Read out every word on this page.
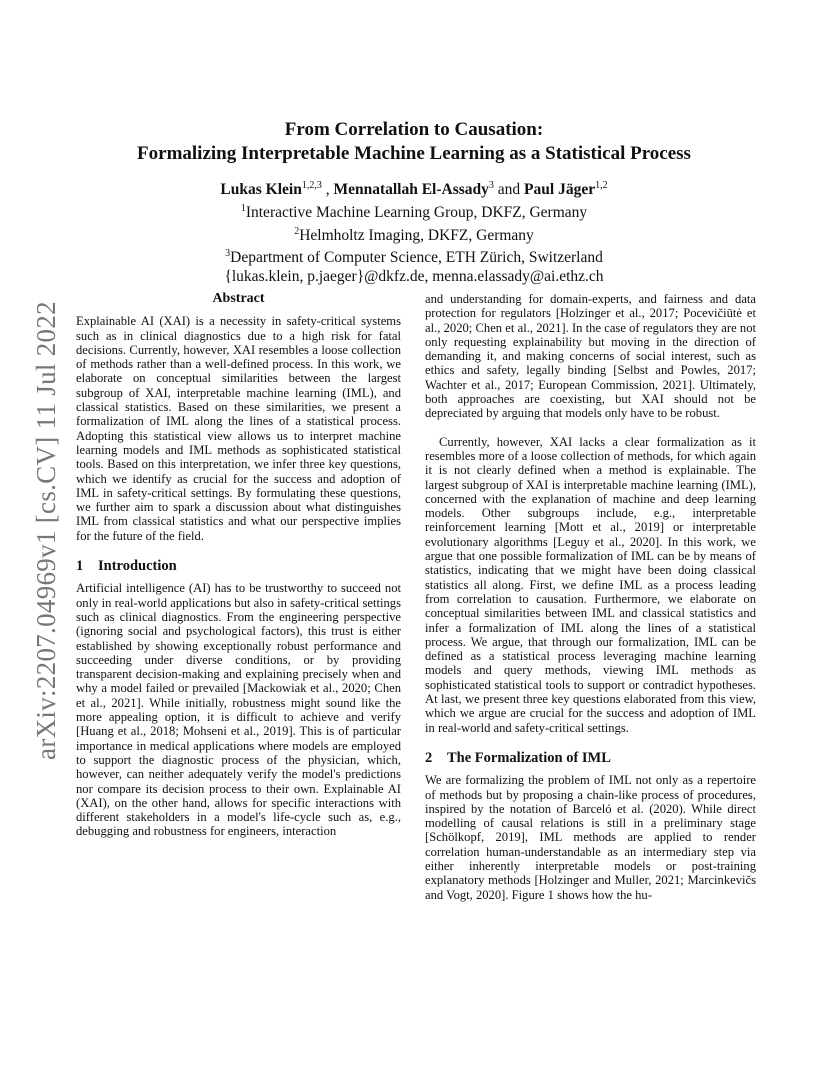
arXiv:2207.04969v1 [cs.CV] 11 Jul 2022
From Correlation to Causation:
Formalizing Interpretable Machine Learning as a Statistical Process
Lukas Klein$^{1,2,3}$ , Mennatallah El-Assady$^3$ and Paul Jäger$^{1,2}$
$^1$Interactive Machine Learning Group, DKFZ, Germany
$^2$Helmholtz Imaging, DKFZ, Germany
$^3$Department of Computer Science, ETH Zürich, Switzerland
{lukas.klein, p.jaeger}@dkfz.de, menna.elassady@ai.ethz.ch
Abstract

Explainable AI (XAI) is a necessity in safety-critical systems such as in clinical diagnostics due to a high risk for fatal decisions. Currently, however, XAI resembles a loose collection of methods rather than a well-defined process. In this work, we elaborate on conceptual similarities between the largest subgroup of XAI, interpretable machine learning (IML), and classical statistics. Based on these similarities, we present a formalization of IML along the lines of a statistical process. Adopting this statistical view allows us to interpret machine learning models and IML methods as sophisticated statistical tools. Based on this interpretation, we infer three key questions, which we identify as crucial for the success and adoption of IML in safety-critical settings. By formulating these questions, we further aim to spark a discussion about what distinguishes IML from classical statistics and what our perspective implies for the future of the field.

1 Introduction

Artificial intelligence (AI) has to be trustworthy to succeed not only in real-world applications but also in safety-critical settings such as clinical diagnostics. From the engineering perspective (ignoring social and psychological factors), this trust is either established by showing exceptionally robust performance and succeeding under diverse conditions, or by providing transparent decision-making and explaining precisely when and why a model failed or prevailed [Mackowiak et al., 2020; Chen et al., 2021]. While initially, robustness might sound like the more appealing option, it is difficult to achieve and verify [Huang et al., 2018; Mohseni et al., 2019]. This is of particular importance in medical applications where models are employed to support the diagnostic process of the physician, which, however, can neither adequately verify the model's predictions nor compare its decision process to their own. Explainable AI (XAI), on the other hand, allows for specific interactions with different stakeholders in a model's life-cycle such as, e.g., debugging and robustness for engineers, interaction

and understanding for domain-experts, and fairness and data protection for regulators [Holzinger et al., 2017; Pocevičiūtė et al., 2020; Chen et al., 2021]. In the case of regulators they are not only requesting explainability but moving in the direction of demanding it, and making concerns of social interest, such as ethics and safety, legally binding [Selbst and Powles, 2017; Wachter et al., 2017; European Commission, 2021]. Ultimately, both approaches are coexisting, but XAI should not be depreciated by arguing that models only have to be robust.

Currently, however, XAI lacks a clear formalization as it resembles more of a loose collection of methods, for which again it is not clearly defined when a method is explainable. The largest subgroup of XAI is interpretable machine learning (IML), concerned with the explanation of machine and deep learning models. Other subgroups include, e.g., interpretable reinforcement learning [Mott et al., 2019] or interpretable evolutionary algorithms [Leguy et al., 2020]. In this work, we argue that one possible formalization of IML can be by means of statistics, indicating that we might have been doing classical statistics all along. First, we define IML as a process leading from correlation to causation. Furthermore, we elaborate on conceptual similarities between IML and classical statistics and infer a formalization of IML along the lines of a statistical process. We argue, that through our formalization, IML can be defined as a statistical process leveraging machine learning models and query methods, viewing IML methods as sophisticated statistical tools to support or contradict hypotheses. At last, we present three key questions elaborated from this view, which we argue are crucial for the success and adoption of IML in real-world and safety-critical settings.

2 The Formalization of IML

We are formalizing the problem of IML not only as a repertoire of methods but by proposing a chain-like process of procedures, inspired by the notation of Barceló et al. (2020). While direct modelling of causal relations is still in a preliminary stage [Schölkopf, 2019], IML methods are applied to render correlation human-understandable as an intermediary step via either inherently interpretable models or post-training explanatory methods [Holzinger and Muller, 2021; Marcinkevičs and Vogt, 2020]. Figure 1 shows how the hu-
